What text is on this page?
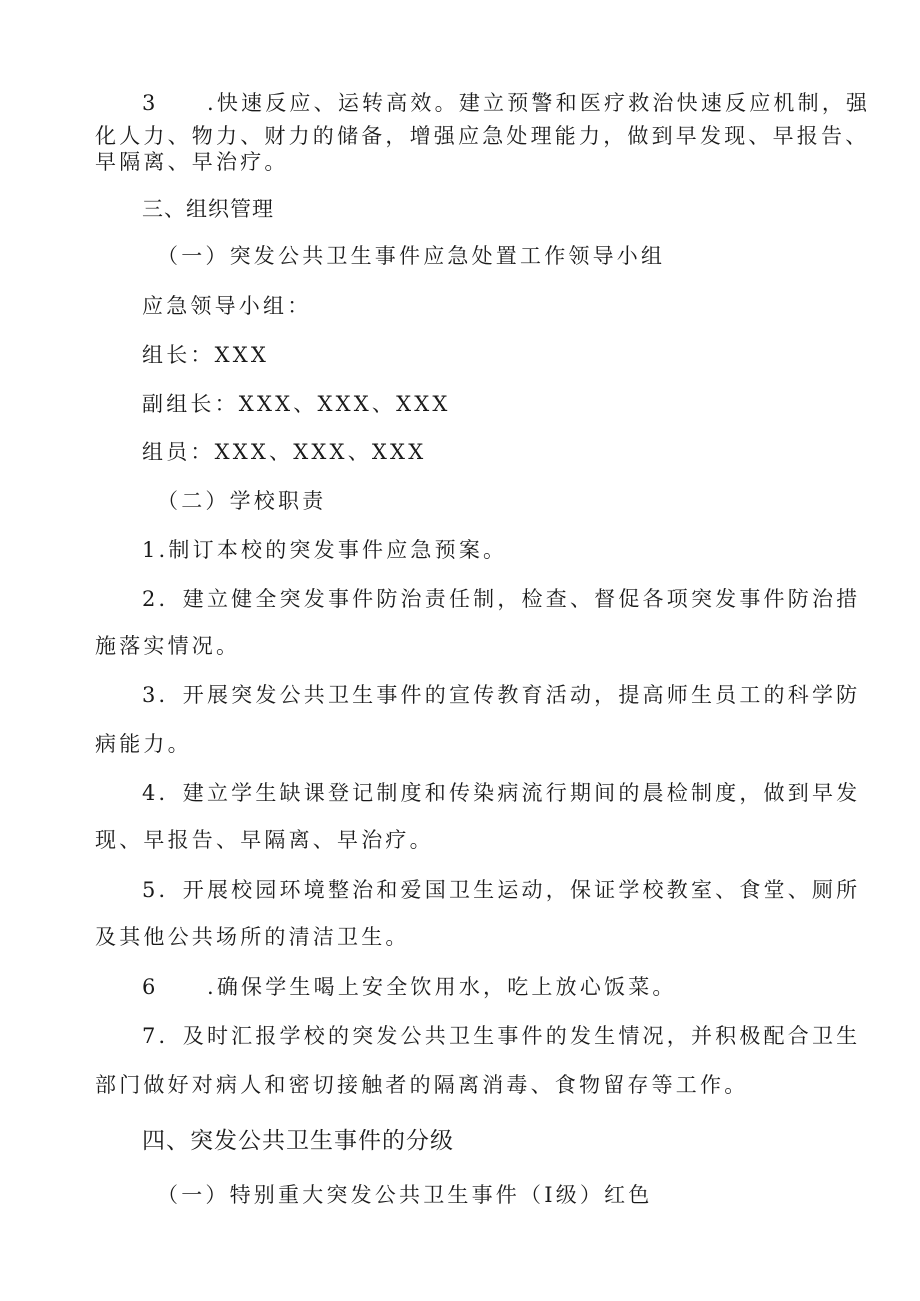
3　　.快速反应、运转高效。建立预警和医疗救治快速反应机制，强
化人力、物力、财力的储备，增强应急处理能力，做到早发现、早报告、
早隔离、早治疗。
三、组织管理
（一）突发公共卫生事件应急处置工作领导小组
应急领导小组：
组长：XXX
副组长：XXX、XXX、XXX
组员：XXX、XXX、XXX
（二）学校职责
1.制订本校的突发事件应急预案。
2．建立健全突发事件防治责任制，检查、督促各项突发事件防治措
施落实情况。
3．开展突发公共卫生事件的宣传教育活动，提高师生员工的科学防
病能力。
4．建立学生缺课登记制度和传染病流行期间的晨检制度，做到早发
现、早报告、早隔离、早治疗。
5．开展校园环境整治和爱国卫生运动，保证学校教室、食堂、厕所
及其他公共场所的清洁卫生。
6　　.确保学生喝上安全饮用水，吃上放心饭菜。
7．及时汇报学校的突发公共卫生事件的发生情况，并积极配合卫生
部门做好对病人和密切接触者的隔离消毒、食物留存等工作。
四、突发公共卫生事件的分级
（一）特别重大突发公共卫生事件（I级）红色
